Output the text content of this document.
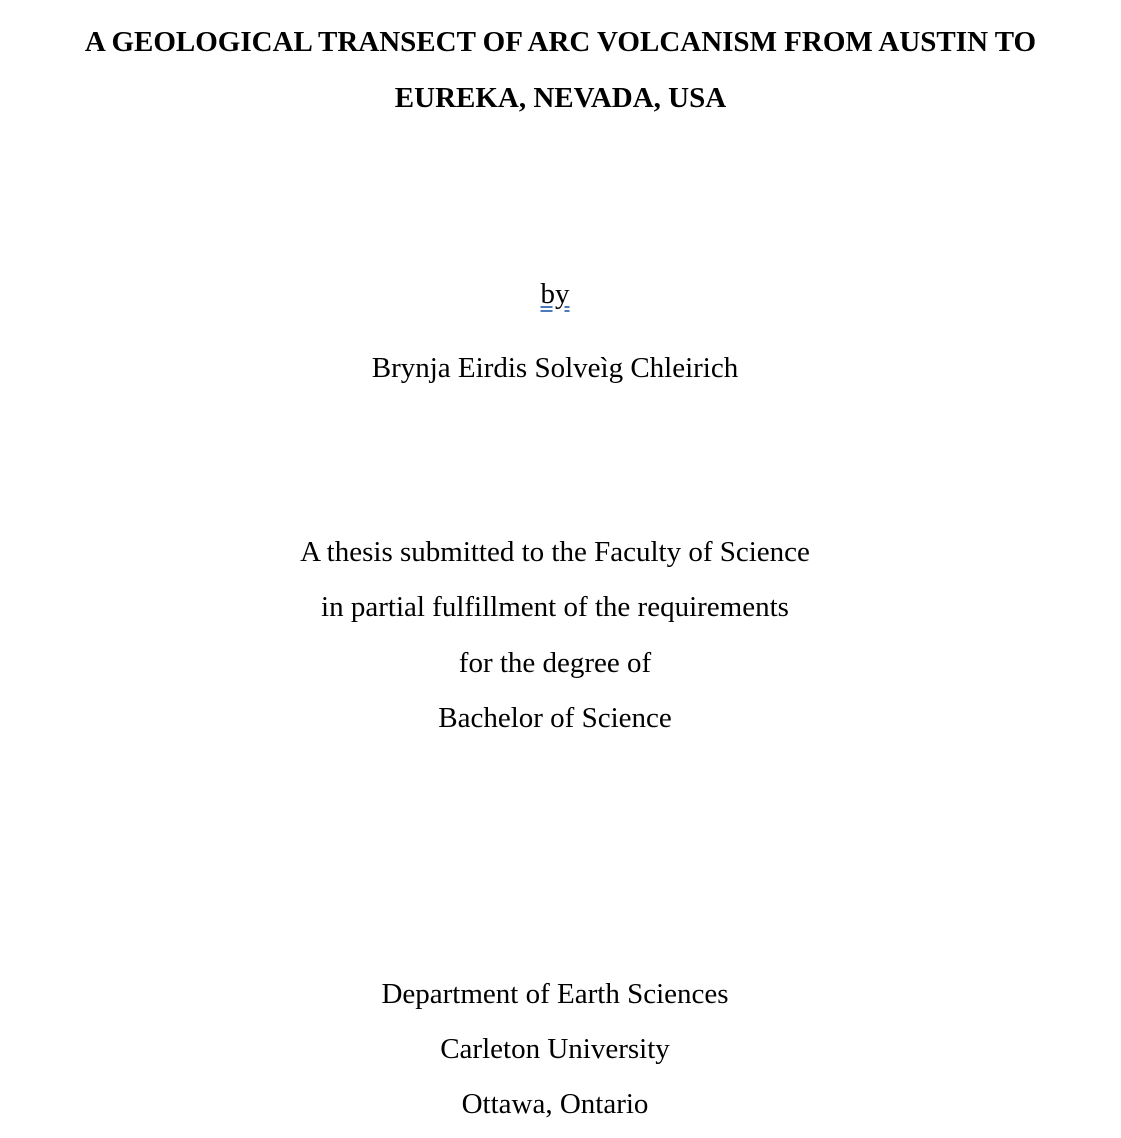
A GEOLOGICAL TRANSECT OF ARC VOLCANISM FROM AUSTIN TO
EUREKA, NEVADA, USA

by

Brynja Eirdis Solveìg Chleirich

A thesis submitted to the Faculty of Science

in partial fulfillment of the requirements

for the degree of

Bachelor of Science

Department of Earth Sciences

Carleton University

Ottawa, Ontario
